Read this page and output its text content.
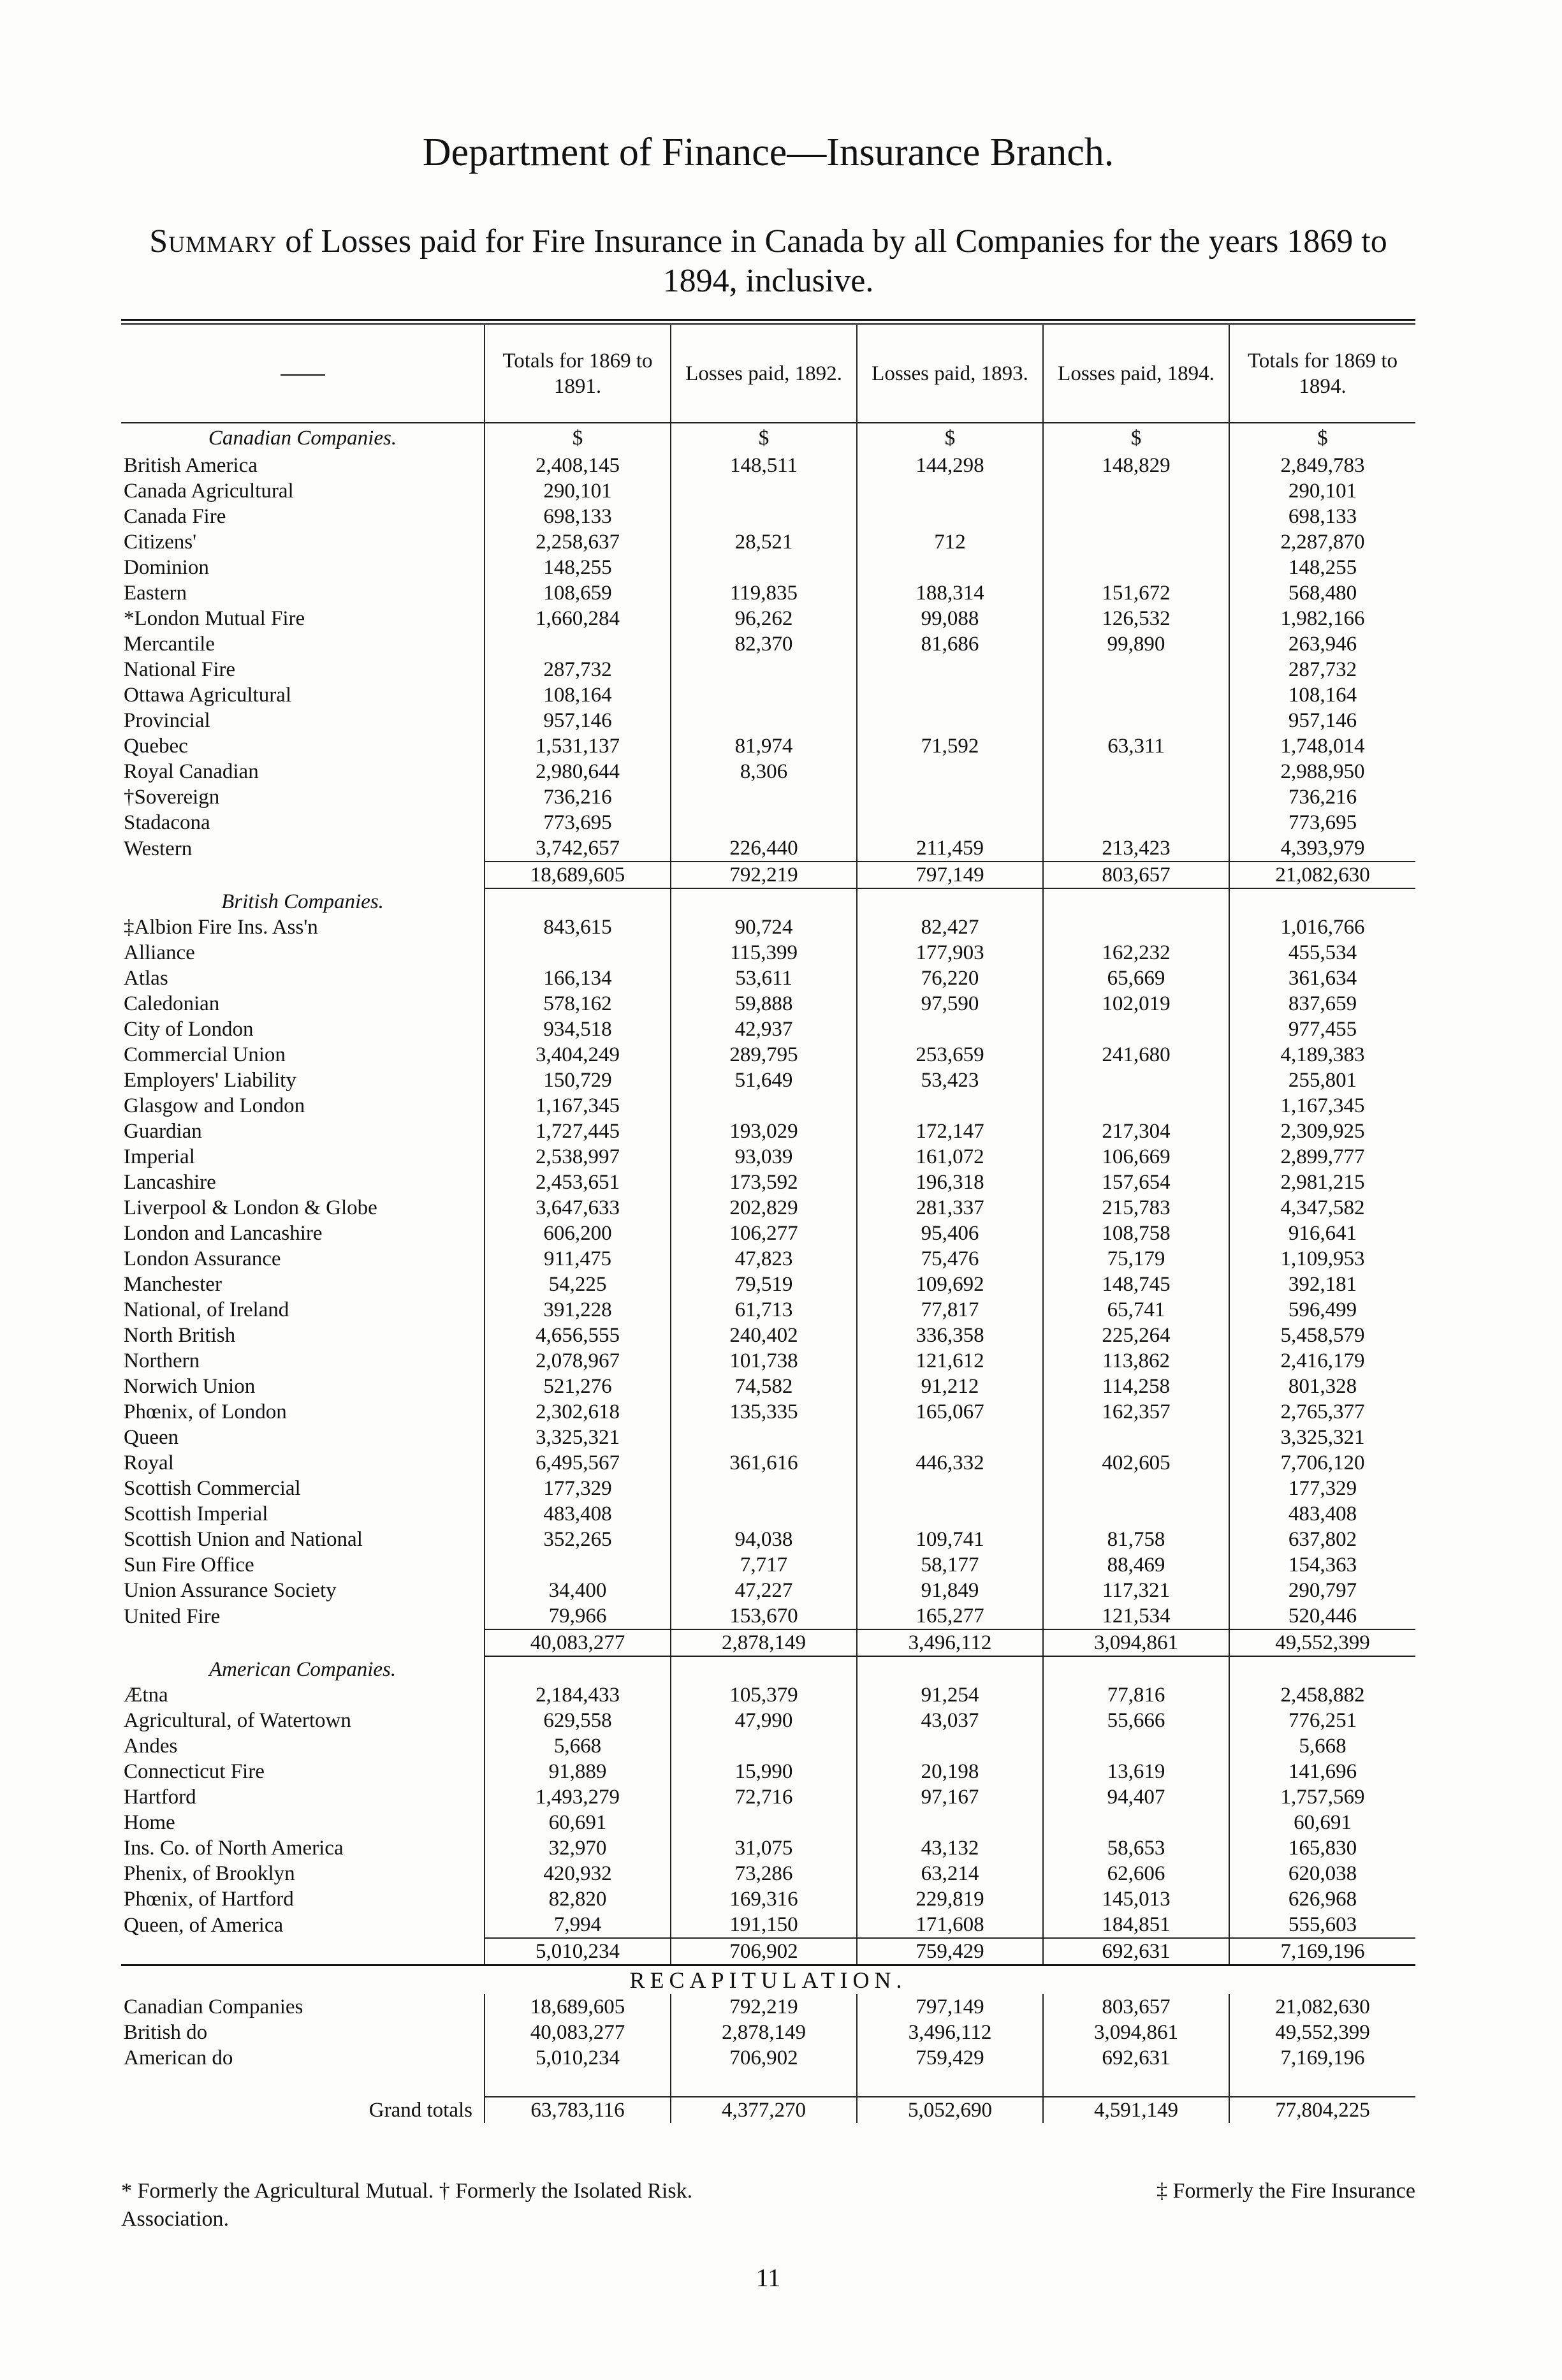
Department of Finance—Insurance Branch.
Summary of Losses paid for Fire Insurance in Canada by all Companies for the years 1869 to 1894, inclusive.
	Totals for 1869 to 1891.	Losses paid, 1892.	Losses paid, 1893.	Losses paid, 1894.	Totals for 1869 to 1894.
Canadian Companies.	$	$	$	$	$
British America	2,408,145	148,511	144,298	148,829	2,849,783
Canada Agricultural	290,101				290,101
Canada Fire	698,133				698,133
Citizens'	2,258,637	28,521	712		2,287,870
Dominion	148,255				148,255
Eastern	108,659	119,835	188,314	151,672	568,480
*London Mutual Fire	1,660,284	96,262	99,088	126,532	1,982,166
Mercantile		82,370	81,686	99,890	263,946
National Fire	287,732				287,732
Ottawa Agricultural	108,164				108,164
Provincial	957,146				957,146
Quebec	1,531,137	81,974	71,592	63,311	1,748,014
Royal Canadian	2,980,644	8,306			2,988,950
†Sovereign	736,216				736,216
Stadacona	773,695				773,695
Western	3,742,657	226,440	211,459	213,423	4,393,979
	18,689,605	792,219	797,149	803,657	21,082,630
British Companies.					
‡Albion Fire Ins. Ass'n	843,615	90,724	82,427		1,016,766
Alliance		115,399	177,903	162,232	455,534
Atlas	166,134	53,611	76,220	65,669	361,634
Caledonian	578,162	59,888	97,590	102,019	837,659
City of London	934,518	42,937			977,455
Commercial Union	3,404,249	289,795	253,659	241,680	4,189,383
Employers' Liability	150,729	51,649	53,423		255,801
Glasgow and London	1,167,345				1,167,345
Guardian	1,727,445	193,029	172,147	217,304	2,309,925
Imperial	2,538,997	93,039	161,072	106,669	2,899,777
Lancashire	2,453,651	173,592	196,318	157,654	2,981,215
Liverpool & London & Globe	3,647,633	202,829	281,337	215,783	4,347,582
London and Lancashire	606,200	106,277	95,406	108,758	916,641
London Assurance	911,475	47,823	75,476	75,179	1,109,953
Manchester	54,225	79,519	109,692	148,745	392,181
National, of Ireland	391,228	61,713	77,817	65,741	596,499
North British	4,656,555	240,402	336,358	225,264	5,458,579
Northern	2,078,967	101,738	121,612	113,862	2,416,179
Norwich Union	521,276	74,582	91,212	114,258	801,328
Phœnix, of London	2,302,618	135,335	165,067	162,357	2,765,377
Queen	3,325,321				3,325,321
Royal	6,495,567	361,616	446,332	402,605	7,706,120
Scottish Commercial	177,329				177,329
Scottish Imperial	483,408				483,408
Scottish Union and National	352,265	94,038	109,741	81,758	637,802
Sun Fire Office		7,717	58,177	88,469	154,363
Union Assurance Society	34,400	47,227	91,849	117,321	290,797
United Fire	79,966	153,670	165,277	121,534	520,446
	40,083,277	2,878,149	3,496,112	3,094,861	49,552,399
American Companies.					
Ætna	2,184,433	105,379	91,254	77,816	2,458,882
Agricultural, of Watertown	629,558	47,990	43,037	55,666	776,251
Andes	5,668				5,668
Connecticut Fire	91,889	15,990	20,198	13,619	141,696
Hartford	1,493,279	72,716	97,167	94,407	1,757,569
Home	60,691				60,691
Ins. Co. of North America	32,970	31,075	43,132	58,653	165,830
Phenix, of Brooklyn	420,932	73,286	63,214	62,606	620,038
Phœnix, of Hartford	82,820	169,316	229,819	145,013	626,968
Queen, of America	7,994	191,150	171,608	184,851	555,603
	5,010,234	706,902	759,429	692,631	7,169,196
RECAPITULATION.					
Canadian Companies	18,689,605	792,219	797,149	803,657	21,082,630
British do	40,083,277	2,878,149	3,496,112	3,094,861	49,552,399
American do	5,010,234	706,902	759,429	692,631	7,169,196

Grand totals	63,783,116	4,377,270	5,052,690	4,591,149	77,804,225
* Formerly the Agricultural Mutual. † Formerly the Isolated Risk.	‡ Formerly the Fire Insurance
Association.
11
